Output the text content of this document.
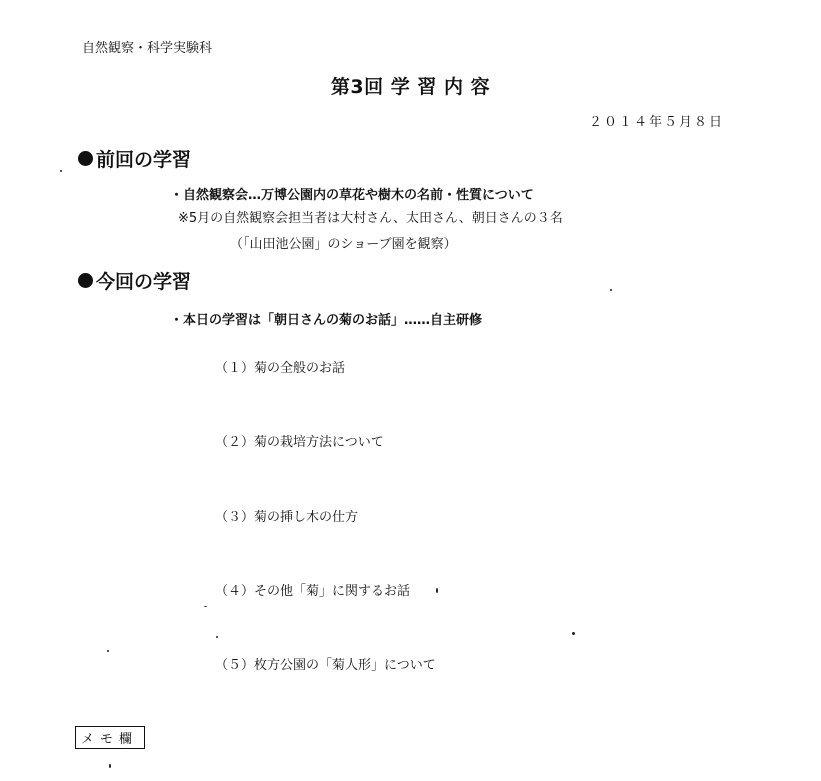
自然観察・科学実験科
第3回 学 習 内 容
２０１４年５月８日
前回の学習
・自然観察会…万博公園内の草花や樹木の名前・性質について
※5月の自然観察会担当者は大村さん、太田さん、朝日さんの３名
（「山田池公園」のショーブ園を観察）
今回の学習
・本日の学習は「朝日さんの菊のお話」……自主研修
（１）菊の全般のお話
（２）菊の栽培方法について
（３）菊の挿し木の仕方
（４）その他「菊」に関するお話
（５）枚方公園の「菊人形」について
メモ欄
